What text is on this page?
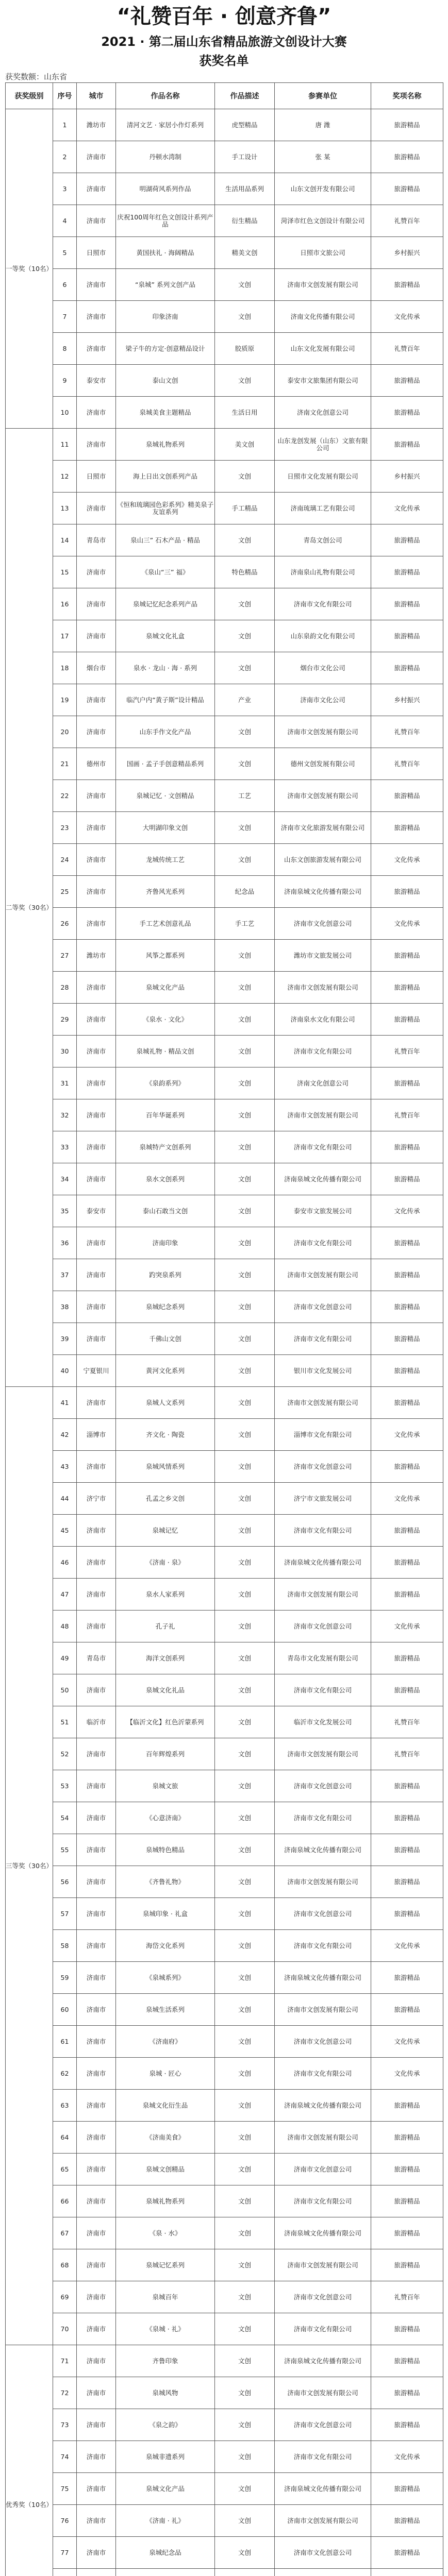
“礼赞百年 · 创意齐鲁”
2021 · 第二届山东省精品旅游文创设计大赛
获奖名单
获奖数额：山东省
获奖级别	序号	城市	作品名称	作品描述	参赛单位	奖项名称
一等奖（10名）	1	潍坊市	清河文艺 · 家居小作灯系列	虎型精品	唐 潍	旅游精品
	2	济南市	丹顿水湾制	手工设计	张 某	旅游精品
	3	济南市	明湖荷风系列作品	生活用品系列	山东文创开发有限公司	旅游精品
	4	济南市	庆祝100周年红色文创设计系列产品	衍生精品	菏泽市红色文创设计有限公司	礼赞百年
	5	日照市	黄国扶礼 · 海阔精品	精美文创	日照市文旅公司	乡村振兴
	6	济南市	“泉城” 系列文创产品	文创	济南市文创发展有限公司	旅游精品
	7	济南市	印象济南	文创	济南文化传播有限公司	文化传承
	8	济南市	梁子牛的方定·创意精品设计	胶质原	山东文化发展有限公司	礼赞百年
	9	泰安市	泰山文创	文创	泰安市文旅集团有限公司	旅游精品
	10	济南市	泉城美食主题精品	生活日用	济南文化创意公司	旅游精品
二等奖（30名）	11	济南市	泉城礼物系列	美文创	山东龙创发展（山东）文旅有限公司	旅游精品
	12	日照市	海上日出文创系列产品	文创	日照市文化发展有限公司	乡村振兴
	13	济南市	《恒和琉璃园色彩系列》精美泉子友谊系列	手工精品	济南琉璃工艺有限公司	文化传承
	14	青岛市	泉山三” 石木产品 · 精品	文创	青岛文创公司	旅游精品
	15	济南市	《泉山“三” 福》	特色精品	济南泉山礼物有限公司	旅游精品
	16	济南市	泉城记忆纪念系列产品	文创	济南市文化有限公司	旅游精品
	17	济南市	泉城文化礼盒	文创	山东泉韵文化有限公司	旅游精品
	18	烟台市	泉水 · 龙山 · 海 · 系列	文创	烟台市文化公司	旅游精品
	19	济南市	临汽户内“黄子斯”设计精品	产业	济南市文化公司	乡村振兴
	20	济南市	山东手作文化产品	文创	济南市文创发展有限公司	礼赞百年
	21	德州市	国画 · 孟子手创意精品系列	文创	德州文创发展有限公司	礼赞百年
	22	济南市	泉城记忆 · 文创精品	工艺	济南市文创发展有限公司	旅游精品
	23	济南市	大明湖印象文创	文创	济南市文化旅游发展有限公司	旅游精品
	24	济南市	龙城传统工艺	文创	山东文创旅游发展有限公司	文化传承
	25	济南市	齐鲁风光系列	纪念品	济南泉城文化传播有限公司	旅游精品
	26	济南市	手工艺术创意礼品	手工艺	济南市文化创意公司	文化传承
	27	潍坊市	风筝之都系列	文创	潍坊市文旅发展公司	旅游精品
	28	济南市	泉城文化产品	文创	济南市文创发展有限公司	旅游精品
	29	济南市	《泉水 · 文化》	文创	济南泉水文化有限公司	旅游精品
	30	济南市	泉城礼物 · 精品文创	文创	济南市文化有限公司	礼赞百年
	31	济南市	《泉韵系列》	文创	济南文化创意公司	旅游精品
	32	济南市	百年华诞系列	文创	济南市文创发展有限公司	礼赞百年
	33	济南市	泉城特产文创系列	文创	济南市文化有限公司	旅游精品
	34	济南市	泉水文创系列	文创	济南泉城文化传播有限公司	旅游精品
	35	泰安市	泰山石敢当文创	文创	泰安市文旅发展公司	文化传承
	36	济南市	济南印象	文创	济南市文化有限公司	旅游精品
	37	济南市	趵突泉系列	文创	济南市文创发展有限公司	旅游精品
	38	济南市	泉城纪念系列	文创	济南市文化创意公司	旅游精品
	39	济南市	千佛山文创	文创	济南市文化有限公司	旅游精品
	40	宁夏银川	黄河文化系列	文创	银川市文化发展公司	旅游精品
三等奖（30名）	41	济南市	泉城人文系列	文创	济南市文创发展有限公司	旅游精品
	42	淄博市	齐文化 · 陶瓷	文创	淄博市文化有限公司	文化传承
	43	济南市	泉城风情系列	文创	济南市文化创意公司	旅游精品
	44	济宁市	孔孟之乡文创	文创	济宁市文旅发展公司	文化传承
	45	济南市	泉城记忆	文创	济南市文化有限公司	旅游精品
	46	济南市	《济南 · 泉》	文创	济南泉城文化传播有限公司	旅游精品
	47	济南市	泉水人家系列	文创	济南市文创发展有限公司	旅游精品
	48	济南市	孔子礼	文创	济南市文化创意公司	文化传承
	49	青岛市	海洋文创系列	文创	青岛市文化发展有限公司	旅游精品
	50	济南市	泉城文化礼品	文创	济南市文化有限公司	旅游精品
	51	临沂市	【临沂文化】红色沂蒙系列	文创	临沂市文化发展公司	礼赞百年
	52	济南市	百年辉煌系列	文创	济南市文创发展有限公司	礼赞百年
	53	济南市	泉城文旅	文创	济南市文化创意公司	旅游精品
	54	济南市	《心意济南》	文创	济南市文化有限公司	旅游精品
	55	济南市	泉城特色精品	文创	济南泉城文化传播有限公司	旅游精品
	56	济南市	《齐鲁礼物》	文创	济南市文创发展有限公司	旅游精品
	57	济南市	泉城印象 · 礼盒	文创	济南市文化创意公司	旅游精品
	58	济南市	海岱文化系列	文创	济南市文化有限公司	文化传承
	59	济南市	《泉城系列》	文创	济南泉城文化传播有限公司	旅游精品
	60	济南市	泉城生活系列	文创	济南市文创发展有限公司	旅游精品
	61	济南市	《济南府》	文创	济南市文化创意公司	文化传承
	62	济南市	泉城 · 匠心	文创	济南市文化有限公司	文化传承
	63	济南市	泉城文化衍生品	文创	济南泉城文化传播有限公司	旅游精品
	64	济南市	《济南美食》	文创	济南市文创发展有限公司	旅游精品
	65	济南市	泉城文创精品	文创	济南市文化创意公司	旅游精品
	66	济南市	泉城礼物系列	文创	济南市文化有限公司	旅游精品
	67	济南市	《泉 · 水》	文创	济南泉城文化传播有限公司	旅游精品
	68	济南市	泉城记忆系列	文创	济南市文创发展有限公司	旅游精品
	69	济南市	泉城百年	文创	济南市文化创意公司	礼赞百年
	70	济南市	《泉城 · 礼》	文创	济南市文化有限公司	旅游精品
优秀奖（10名）	71	济南市	齐鲁印象	文创	济南泉城文化传播有限公司	旅游精品
	72	济南市	泉城风物	文创	济南市文创发展有限公司	旅游精品
	73	济南市	《泉之韵》	文创	济南市文化创意公司	旅游精品
	74	济南市	泉城非遗系列	文创	济南市文化有限公司	文化传承
	75	济南市	泉城文化产品	文创	济南泉城文化传播有限公司	旅游精品
	76	济南市	《济南 · 礼》	文创	济南市文创发展有限公司	旅游精品
	77	济南市	泉城纪念品	文创	济南市文化创意公司	旅游精品
